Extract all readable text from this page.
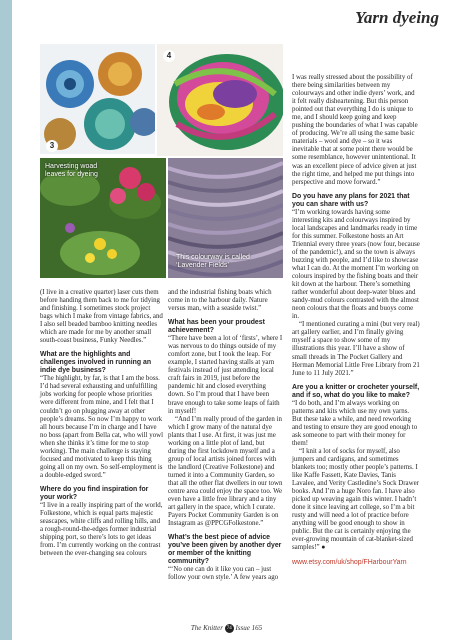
Yarn dyeing
3
4
Harvesting woad
leaves for dyeing
This colourway is called
‘Lavender Fields’

(I live in a creative quarter) laser cuts them before handing them back to me for tidying and finishing. I sometimes stock project bags which I make from vintage fabrics, and I also sell beaded bamboo knitting needles which are made for me by another small south-coast business, Funky Needles.”

What are the highlights and challenges involved in running an indie dye business?

“The highlight, by far, is that I am the boss. I’d had several exhausting and unfulfilling jobs working for people whose priorities were different from mine, and I felt that I couldn’t go on plugging away at other people’s dreams. So now I’m happy to work all hours because I’m in charge and I have no boss (apart from Bella cat, who will yowl when she thinks it’s time for me to stop working). The main challenge is staying focused and motivated to keep this thing going all on my own. So self-employment is a double-edged sword.”

Where do you find inspiration for your work?

“I live in a really inspiring part of the world, Folkestone, which is equal parts majestic seascapes, white cliffs and rolling hills, and a rough-round-the-edges former industrial shipping port, so there’s lots to get ideas from. I’m currently working on the contrast between the ever-changing sea colours

and the industrial fishing boats which come in to the harbour daily. Nature versus man, with a seaside twist.”

What has been your proudest achievement?

“There have been a lot of ‘firsts’, where I was nervous to do things outside of my comfort zone, but I took the leap. For example, I started having stalls at yarn festivals instead of just attending local craft fairs in 2019, just before the pandemic hit and closed everything down. So I’m proud that I have been brave enough to take some leaps of faith in myself!

“And I’m really proud of the garden in which I grow many of the natural dye plants that I use. At first, it was just me working on a little plot of land, but during the first lockdown myself and a group of local artists joined forces with the landlord (Creative Folkestone) and turned it into a Community Garden, so that all the other flat dwellers in our town centre area could enjoy the space too. We even have a little free library and a tiny art gallery in the space, which I curate. Payers Pocket Community Garden is on Instagram as @PPCGFolkestone.”

What’s the best piece of advice you’ve been given by another dyer or member of the knitting community?

“‘No one can do it like you can – just follow your own style.’ A few years ago

I was really stressed about the possibility of there being similarities between my colourways and other indie dyers’ work, and it felt really disheartening. But this person pointed out that everything I do is unique to me, and I should keep going and keep pushing the boundaries of what I was capable of producing. We’re all using the same basic materials – wool and dye – so it was inevitable that at some point there would be some resemblance, however unintentional. It was an excellent piece of advice given at just the right time, and helped me put things into perspective and move forward.”

Do you have any plans for 2021 that you can share with us?

“I’m working towards having some interesting kits and colourways inspired by local landscapes and landmarks ready in time for this summer. Folkestone hosts an Art Triennial every three years (now four, because of the pandemic!), and so the town is always buzzing with people, and I’d like to showcase what I can do. At the moment I’m working on colours inspired by the fishing boats and their kit down at the harbour. There’s something rather wonderful about deep-water blues and sandy-mud colours contrasted with the almost neon colours that the floats and buoys come in.

“I mentioned curating a mini (but very real) art gallery earlier, and I’m finally giving myself a space to show some of my illustrations this year. I’ll have a show of small threads in The Pocket Gallery and Herman Memorial Little Free Library from 21 June to 11 July 2021.”

Are you a knitter or crocheter yourself, and if so, what do you like to make?

“I do both, and I’m always working on patterns and kits which use my own yarns. But these take a while, and need reworking and testing to ensure they are good enough to ask someone to part with their money for them!

“I knit a lot of socks for myself, also jumpers and cardigans, and sometimes blankets too; mostly other people’s patterns. I like Kaffe Fassett, Kate Davies, Tanis Lavalee, and Verity Castledine’s Sock Drawer books. And I’m a huge Noro fan. I have also picked up weaving again this winter. I hadn’t done it since leaving art college, so I’m a bit rusty and will need a lot of practice before anything will be good enough to show in public. But the cat is certainly enjoying the ever-growing mountain of cat-blanket-sized samples!” ●

www.etsy.com/uk/shop/FHarbourYarn

The Knitter 74 Issue 165
